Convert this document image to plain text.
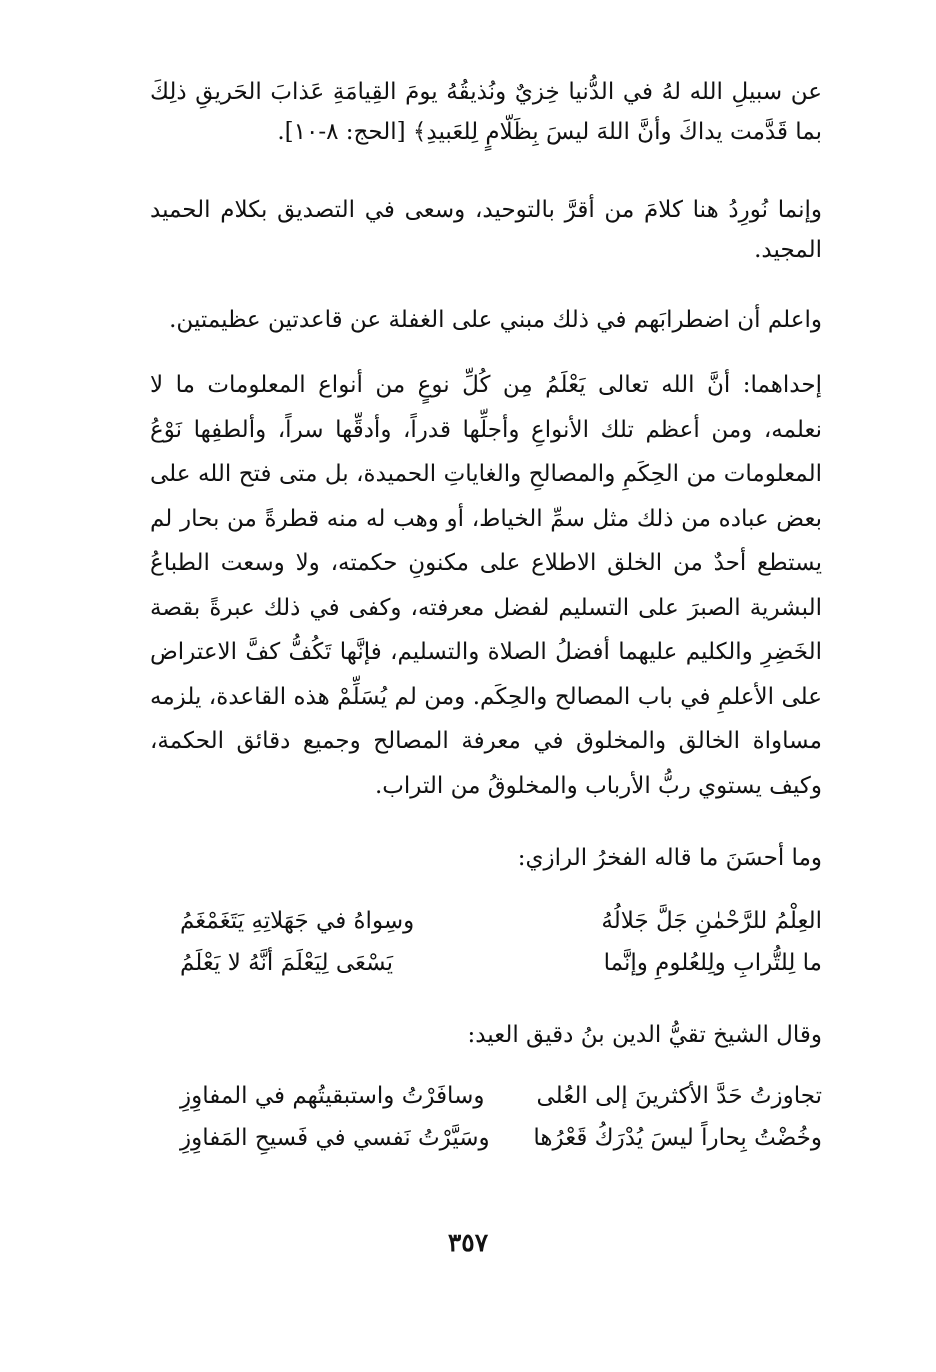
عن سبيلِ الله لهُ في الدُّنيا خِزيٌ ونُذيقُهُ يومَ القِيامَةِ عَذابَ الحَريقِ ذلِكَ بما قَدَّمت يداكَ وأنَّ اللهَ ليسَ بِظَلّامٍ لِلعَبيدِ﴾ [الحج: ٨-١٠].

وإنما نُورِدُ هنا كلامَ من أقرَّ بالتوحيد، وسعى في التصديق بكلام الحميد المجيد.

واعلم أن اضطرابَهم في ذلك مبني على الغفلة عن قاعدتين عظيمتين.

إحداهما: أنَّ الله تعالى يَعْلَمُ مِن كُلِّ نوعٍ من أنواع المعلومات ما لا نعلمه، ومن أعظم تلك الأنواعِ وأجلِّها قدراً، وأدقِّها سراً، وألطفِها نَوْعُ المعلومات من الحِكَمِ والمصالحِ والغاياتِ الحميدة، بل متى فتح الله على بعض عباده من ذلك مثل سمِّ الخياط، أو وهب له منه قطرةً من بحار لم يستطع أحدٌ من الخلق الاطلاع على مكنونِ حكمته، ولا وسعت الطباعُ البشرية الصبرَ على التسليم لفضل معرفته، وكفى في ذلك عبرةً بقصة الخَضِرِ والكليم عليهما أفضلُ الصلاة والتسليم، فإنَّها تَكُفُّ كفَّ الاعتراض على الأعلمِ في باب المصالح والحِكَم. ومن لم يُسَلِّمْ هذه القاعدة، يلزمه مساواة الخالق والمخلوق في معرفة المصالح وجميع دقائق الحكمة، وكيف يستوي ربُّ الأرباب والمخلوقُ من التراب.

وما أحسَنَ ما قاله الفخرُ الرازي:

العِلْمُ للرَّحْمٰنِ جَلَّ جَلالُهُ
وسِواهُ في جَهَلاتِهِ يَتَغَمْغَمُ
ما لِلتُّرابِ ولِلعُلومِ وإنَّما
يَسْعَى لِيَعْلَمَ أنَّهُ لا يَعْلَمُ

وقال الشيخ تقيُّ الدين بنُ دقيق العيد:

تجاوزتُ حَدَّ الأكثرينَ إلى العُلى
وسافَرْتُ واستبقيتُهم في المفاوِزِ
وخُضْتُ بِحاراً ليسَ يُدْرَكُ قَعْرُها
وسَيَّرْتُ نَفسي في فَسيحِ المَفاوِزِ
٣٥٧
